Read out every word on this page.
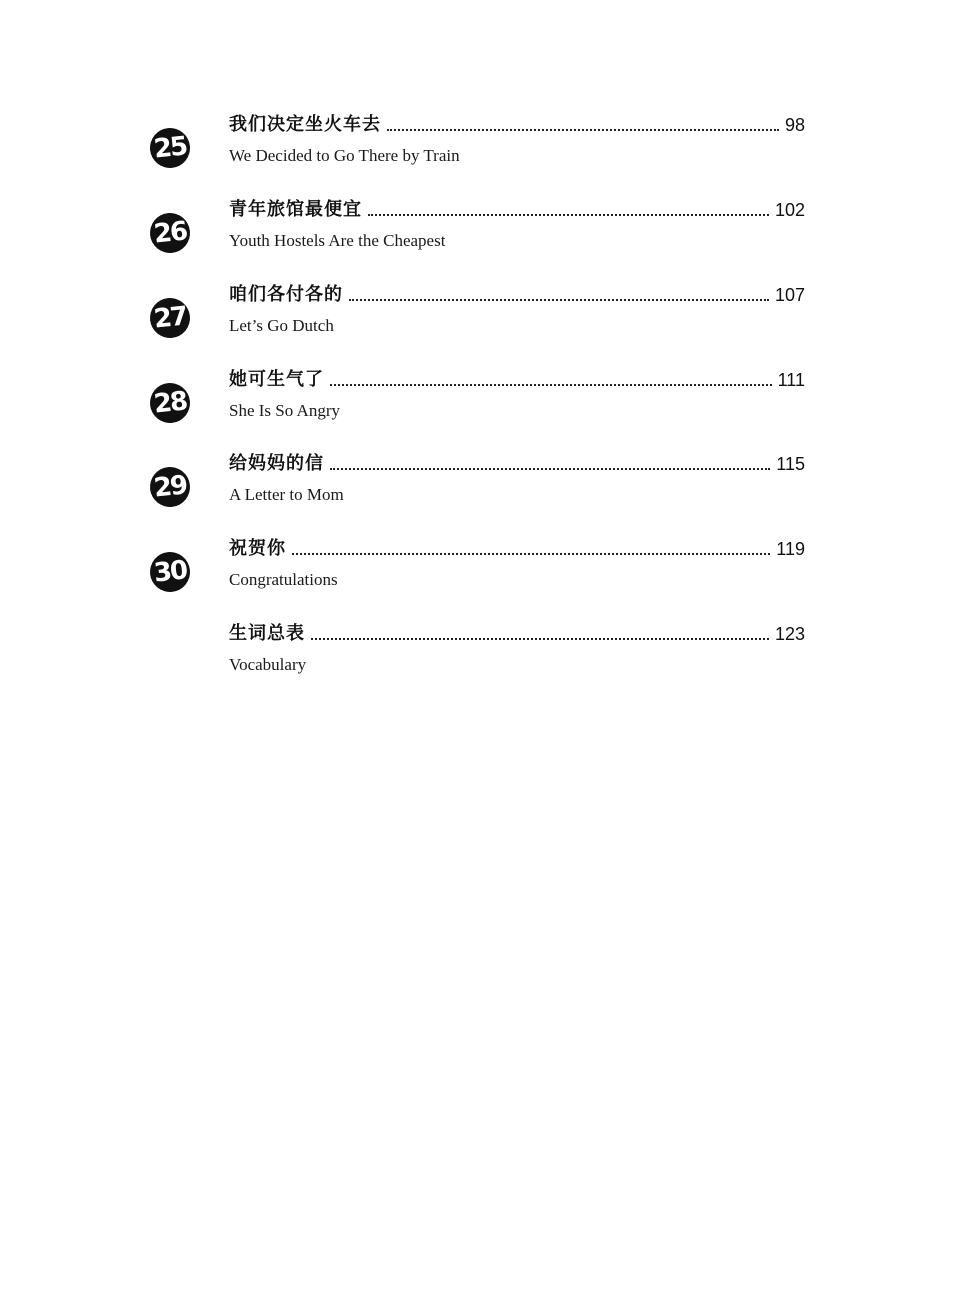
25
我们决定坐火车去	98
We Decided to Go There by Train
26
青年旅馆最便宜	102
Youth Hostels Are the Cheapest
27
咱们各付各的	107
Let’s Go Dutch
28
她可生气了	111
She Is So Angry
29
给妈妈的信	115
A Letter to Mom
30
祝贺你	119
Congratulations
生词总表	123
Vocabulary
